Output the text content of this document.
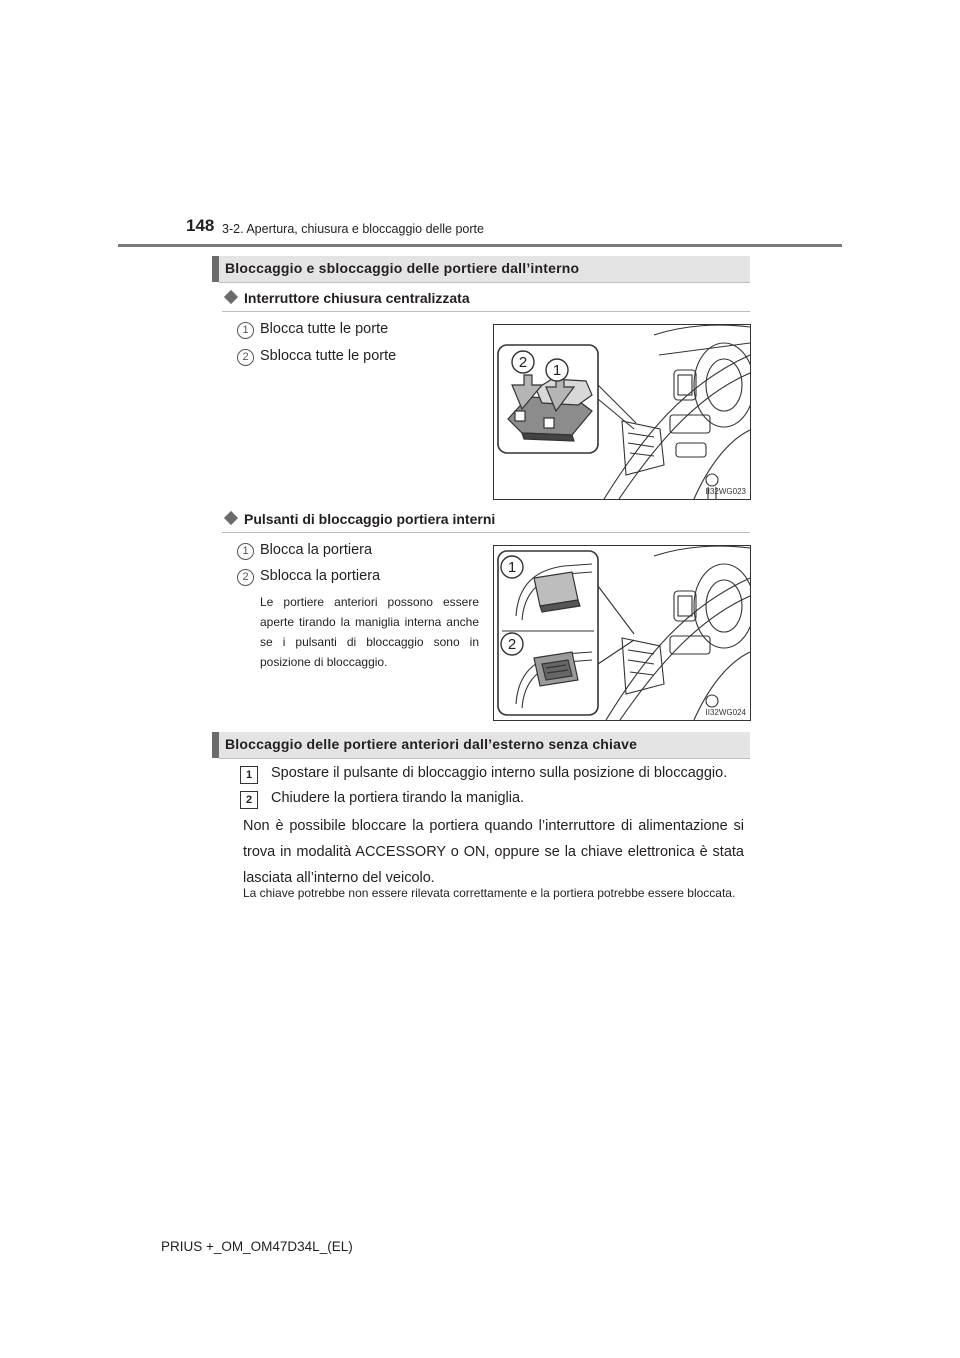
148 3-2. Apertura, chiusura e bloccaggio delle porte
Bloccaggio e sbloccaggio delle portiere dall’interno
Interruttore chiusura centralizzata
1 Blocca tutte le porte
2 Sblocca tutte le porte	2 1
II32WG023
Pulsanti di bloccaggio portiera interni
1 Blocca la portiera
2 Sblocca la portiera
Le portiere anteriori possono essere aperte tirando la maniglia interna anche se i pulsanti di bloccaggio sono in posizione di bloccaggio.
1
2
II32WG024
Bloccaggio delle portiere anteriori dall’esterno senza chiave
1	Spostare il pulsante di bloccaggio interno sulla posizione di bloccaggio.
2	Chiudere la portiera tirando la maniglia.
Non è possibile bloccare la portiera quando l’interruttore di alimentazione si trova in modalità ACCESSORY o ON, oppure se la chiave elettronica è stata lasciata all’interno del veicolo.
La chiave potrebbe non essere rilevata correttamente e la portiera potrebbe essere bloccata.
PRIUS +_OM_OM47D34L_(EL)
